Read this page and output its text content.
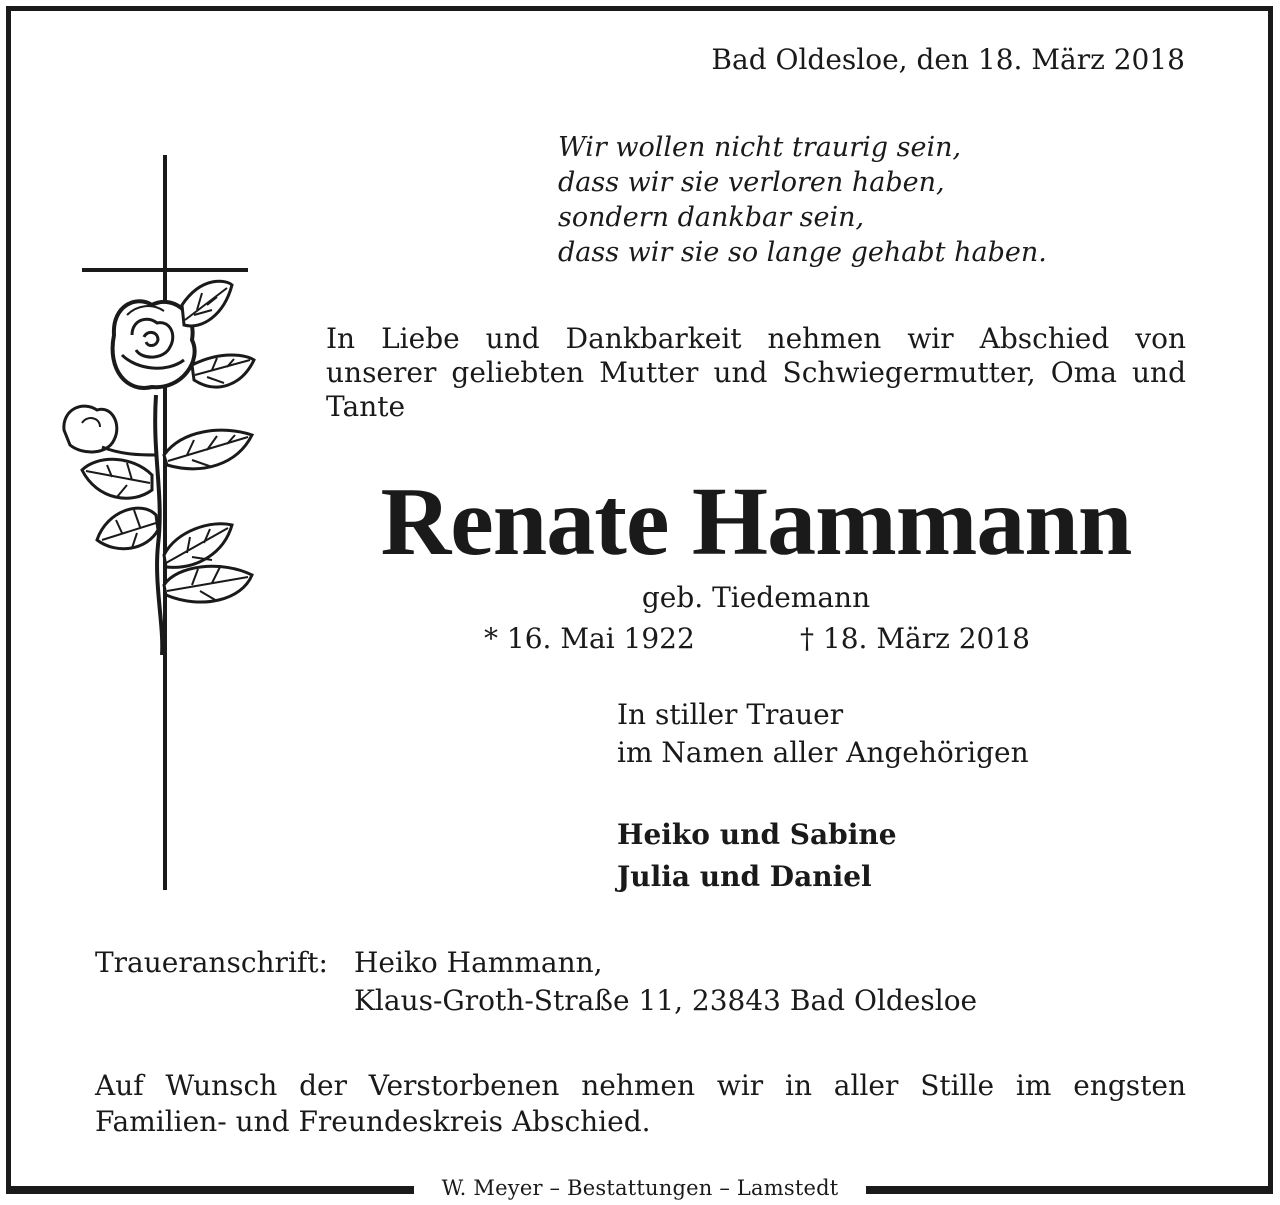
W. Meyer – Bestattungen – Lamstedt
Bad Oldesloe, den 18. März 2018
Wir wollen nicht traurig sein,
dass wir sie verloren haben,
sondern dankbar sein,
dass wir sie so lange gehabt haben.
In Liebe und Dankbarkeit nehmen wir Abschied von
unserer geliebten Mutter und Schwiegermutter, Oma und
Tante
Renate Hammann
geb. Tiedemann
* 16. Mai 1922	† 18. März 2018
In stiller Trauer
im Namen aller Angehörigen
Heiko und Sabine
Julia und Daniel
Traueranschrift: Heiko Hammann,
Klaus-Groth-Straße 11, 23843 Bad Oldesloe
Auf Wunsch der Verstorbenen nehmen wir in aller Stille im engsten
Familien- und Freundeskreis Abschied.
